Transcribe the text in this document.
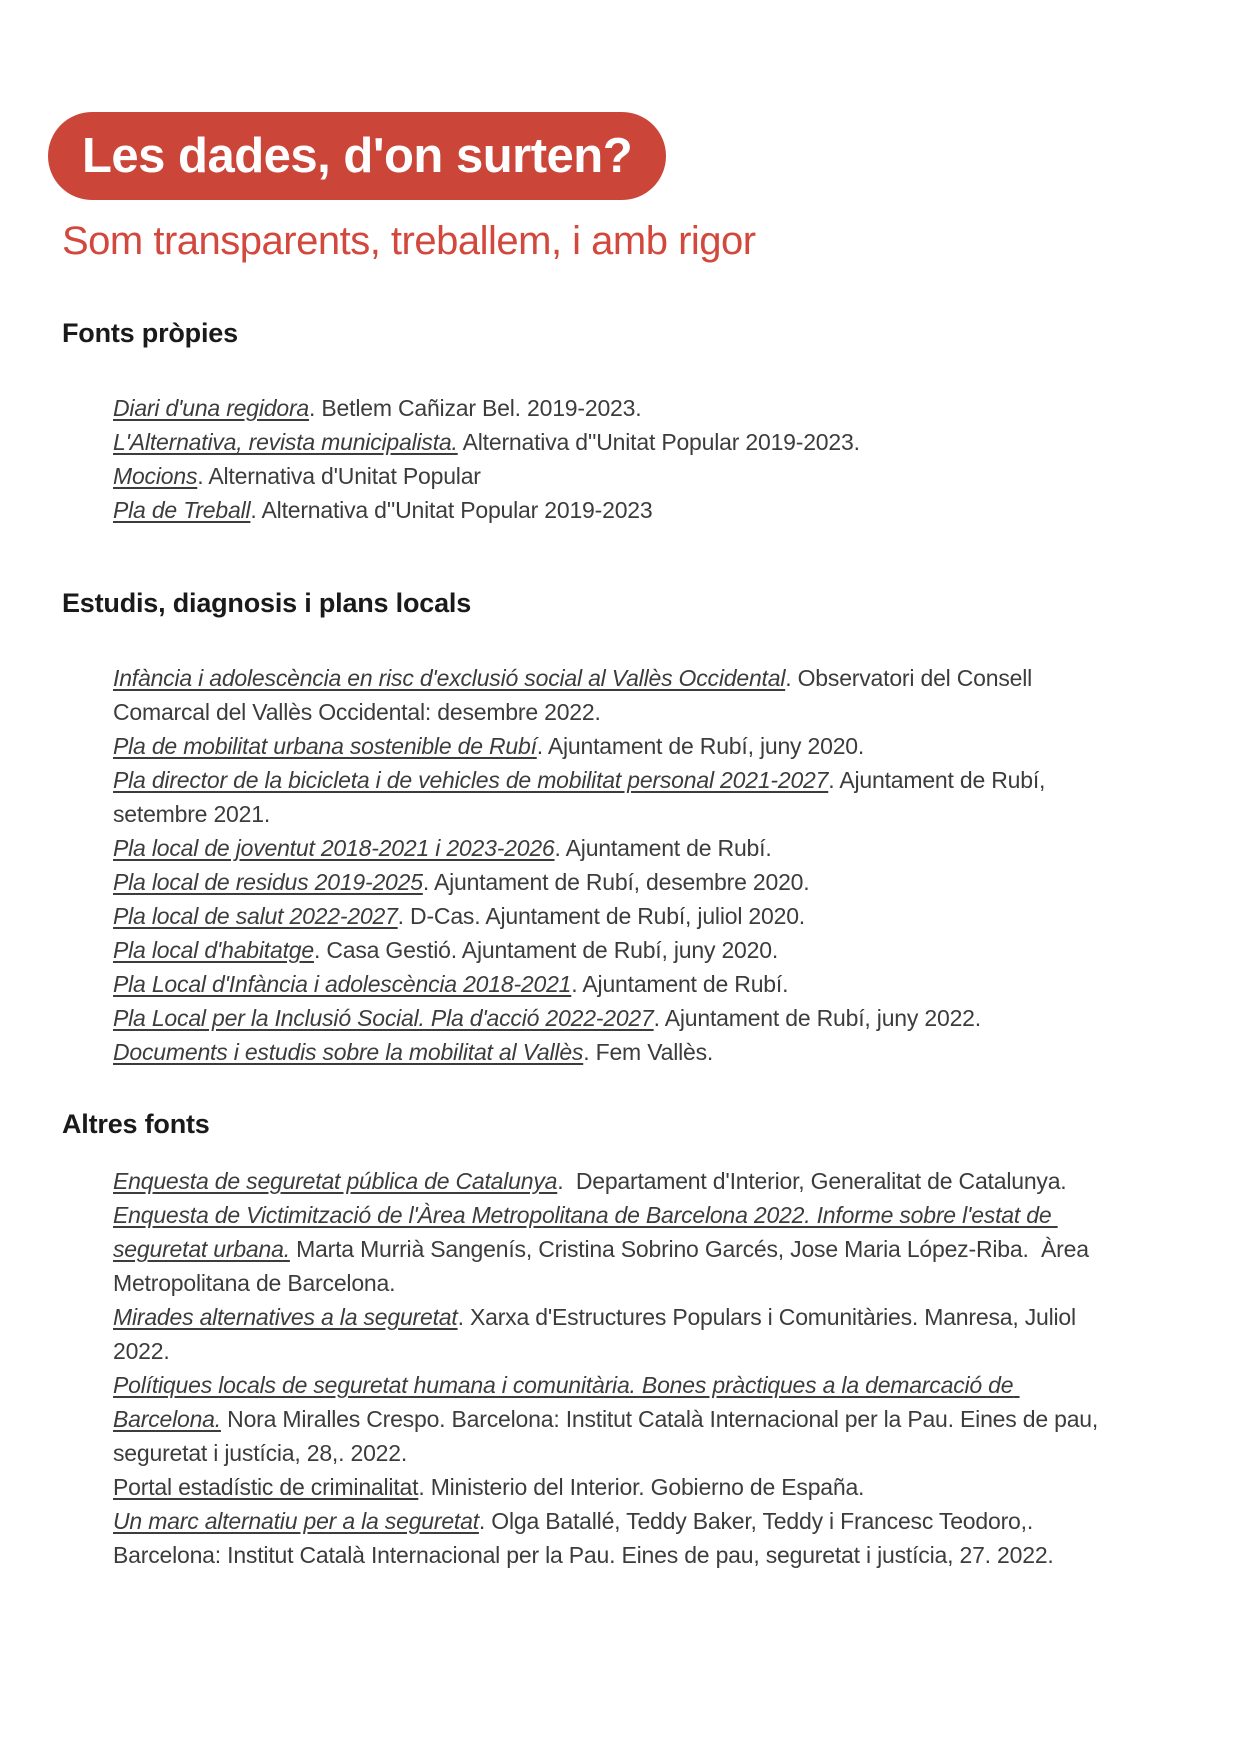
Les dades, d'on surten?
Som transparents, treballem, i amb rigor
Fonts pròpies

Diari d'una regidora. Betlem Cañizar Bel. 2019-2023.

L'Alternativa, revista municipalista. Alternativa d''Unitat Popular 2019-2023.

Mocions. Alternativa d'Unitat Popular

Pla de Treball. Alternativa d''Unitat Popular 2019-2023

Estudis, diagnosis i plans locals

Infància i adolescència en risc d'exclusió social al Vallès Occidental. Observatori del Consell Comarcal del Vallès Occidental: desembre 2022.

Pla de mobilitat urbana sostenible de Rubí. Ajuntament de Rubí, juny 2020.

Pla director de la bicicleta i de vehicles de mobilitat personal 2021-2027. Ajuntament de Rubí, setembre 2021.

Pla local de joventut 2018-2021 i 2023-2026. Ajuntament de Rubí.

Pla local de residus 2019-2025. Ajuntament de Rubí, desembre 2020.

Pla local de salut 2022-2027. D-Cas. Ajuntament de Rubí, juliol 2020.

Pla local d'habitatge. Casa Gestió. Ajuntament de Rubí, juny 2020.

Pla Local d'Infància i adolescència 2018-2021. Ajuntament de Rubí.

Pla Local per la Inclusió Social. Pla d'acció 2022-2027. Ajuntament de Rubí, juny 2022.

Documents i estudis sobre la mobilitat al Vallès. Fem Vallès.

Altres fonts

Enquesta de seguretat pública de Catalunya.  Departament d'Interior, Generalitat de Catalunya.

Enquesta de Victimització de l'Àrea Metropolitana de Barcelona 2022. Informe sobre l'estat de seguretat urbana. Marta Murrià Sangenís, Cristina Sobrino Garcés, Jose Maria López-Riba.  Àrea Metropolitana de Barcelona.

Mirades alternatives a la seguretat. Xarxa d'Estructures Populars i Comunitàries. Manresa, Juliol 2022.

Polítiques locals de seguretat humana i comunitària. Bones pràctiques a la demarcació de Barcelona. Nora Miralles Crespo. Barcelona: Institut Català Internacional per la Pau. Eines de pau, seguretat i justícia, 28,. 2022.

Portal estadístic de criminalitat. Ministerio del Interior. Gobierno de España.

Un marc alternatiu per a la seguretat. Olga Batallé, Teddy Baker, Teddy i Francesc Teodoro,. Barcelona: Institut Català Internacional per la Pau. Eines de pau, seguretat i justícia, 27. 2022.
